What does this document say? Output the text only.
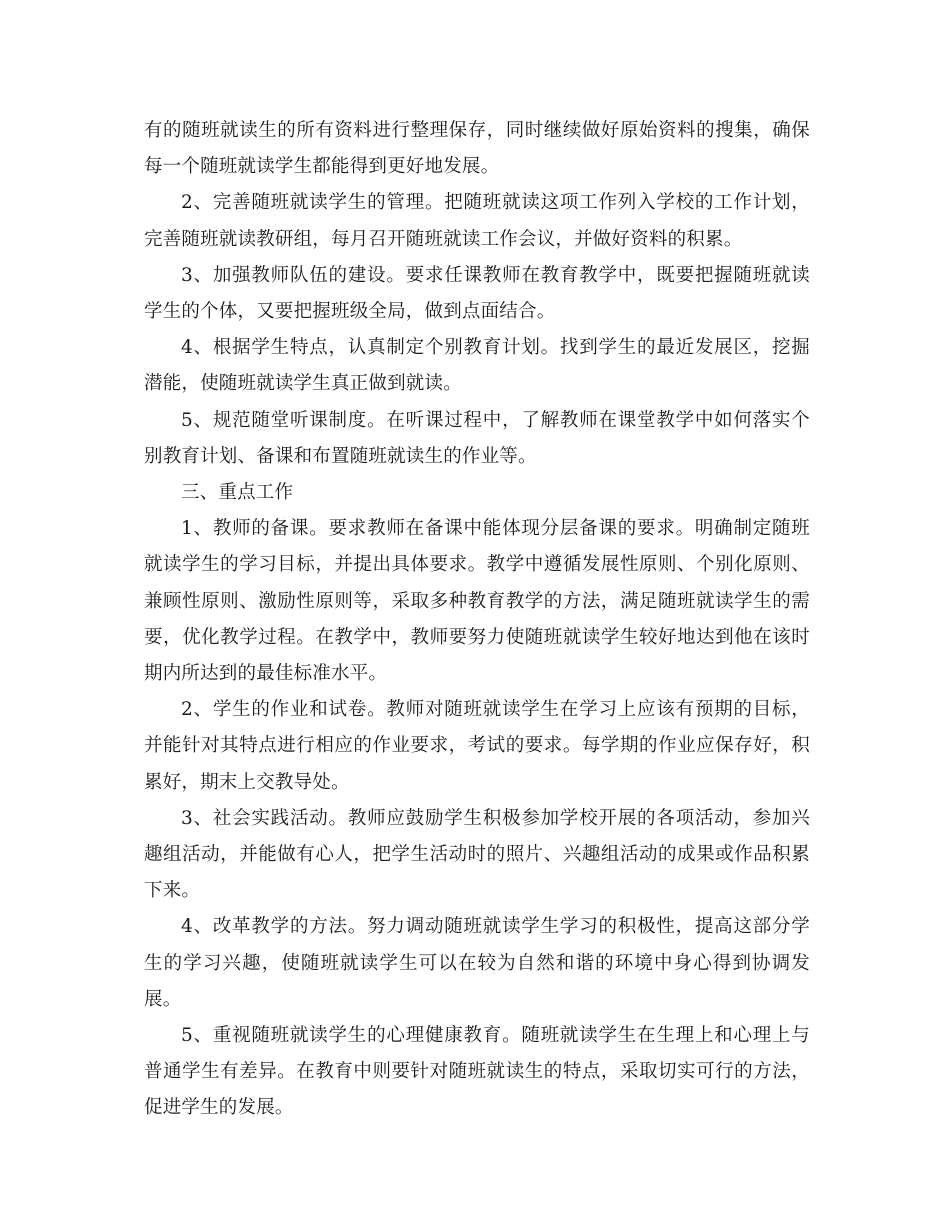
有的随班就读生的所有资料进行整理保存，同时继续做好原始资料的搜集，确保每一个随班就读学生都能得到更好地发展。

2、完善随班就读学生的管理。把随班就读这项工作列入学校的工作计划，完善随班就读教研组，每月召开随班就读工作会议，并做好资料的积累。

3、加强教师队伍的建设。要求任课教师在教育教学中，既要把握随班就读学生的个体，又要把握班级全局，做到点面结合。

4、根据学生特点，认真制定个别教育计划。找到学生的最近发展区，挖掘潜能，使随班就读学生真正做到就读。

5、规范随堂听课制度。在听课过程中，了解教师在课堂教学中如何落实个别教育计划、备课和布置随班就读生的作业等。

三、重点工作

1、教师的备课。要求教师在备课中能体现分层备课的要求。明确制定随班就读学生的学习目标，并提出具体要求。教学中遵循发展性原则、个别化原则、兼顾性原则、激励性原则等，采取多种教育教学的方法，满足随班就读学生的需要，优化教学过程。在教学中，教师要努力使随班就读学生较好地达到他在该时期内所达到的最佳标准水平。

2、学生的作业和试卷。教师对随班就读学生在学习上应该有预期的目标，并能针对其特点进行相应的作业要求，考试的要求。每学期的作业应保存好，积累好，期末上交教导处。

3、社会实践活动。教师应鼓励学生积极参加学校开展的各项活动，参加兴趣组活动，并能做有心人，把学生活动时的照片、兴趣组活动的成果或作品积累下来。

4、改革教学的方法。努力调动随班就读学生学习的积极性，提高这部分学生的学习兴趣，使随班就读学生可以在较为自然和谐的环境中身心得到协调发展。

5、重视随班就读学生的心理健康教育。随班就读学生在生理上和心理上与普通学生有差异。在教育中则要针对随班就读生的特点，采取切实可行的方法，促进学生的发展。
